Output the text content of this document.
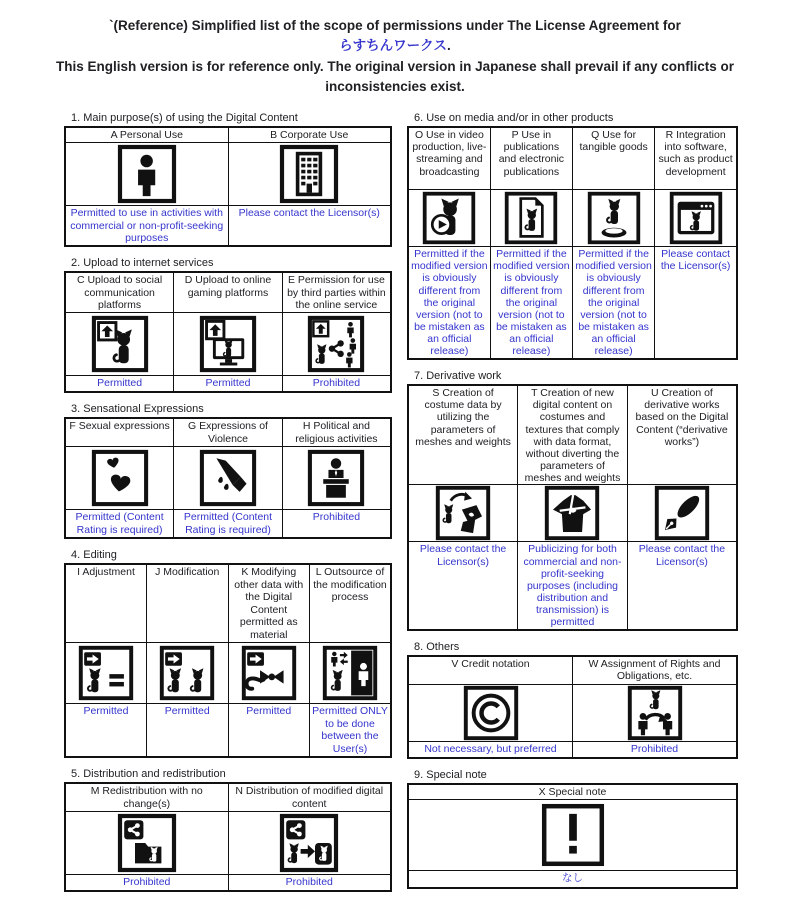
`(Reference) Simplified list of the scope of permissions under The License Agreement for
らすちんワークス.
This English version is for reference only. The original version in Japanese shall prevail if any conflicts or inconsistencies exist.
1. Main purpose(s) of using the Digital Content
A Personal Use	B Corporate Use

Permitted to use in activities with commercial or non-profit-seeking purposes	Please contact the Licensor(s)
2. Upload to internet services
C Upload to social communication platforms	D Upload to online gaming platforms	E Permission for use by third parties within the online service

Permitted	Permitted	Prohibited
3. Sensational Expressions
F Sexual expressions	G Expressions of Violence	H Political and religious activities

Permitted (Content Rating is required)	Permitted (Content Rating is required)	Prohibited
4. Editing
I Adjustment	J Modification	K Modifying other data with the Digital Content permitted as material	L Outsource of the modification process

Permitted	Permitted	Permitted	Permitted ONLY to be done between the User(s)
5. Distribution and redistribution
M Redistribution with no change(s)	N Distribution of modified digital content

Prohibited	Prohibited
6. Use on media and/or in other products
O Use in video production, live-streaming and broadcasting	P Use in publications and electronic publications	Q Use for tangible goods	R Integration into software, such as product development

Permitted if the modified version is obviously different from the original version (not to be mistaken as an official release)	Permitted if the modified version is obviously different from the original version (not to be mistaken as an official release)	Permitted if the modified version is obviously different from the original version (not to be mistaken as an official release)	Please contact the Licensor(s)
7. Derivative work
S Creation of costume data by utilizing the parameters of meshes and weights	T Creation of new digital content on costumes and textures that comply with data format, without diverting the parameters of meshes and weights	U Creation of derivative works based on the Digital Content (“derivative works”)

Please contact the Licensor(s)	Publicizing for both commercial and non-profit-seeking purposes (including distribution and transmission) is permitted	Please contact the Licensor(s)
8. Others
V Credit notation	W Assignment of Rights and Obligations, etc.

Not necessary, but preferred	Prohibited
9. Special note
X Special note

なし
